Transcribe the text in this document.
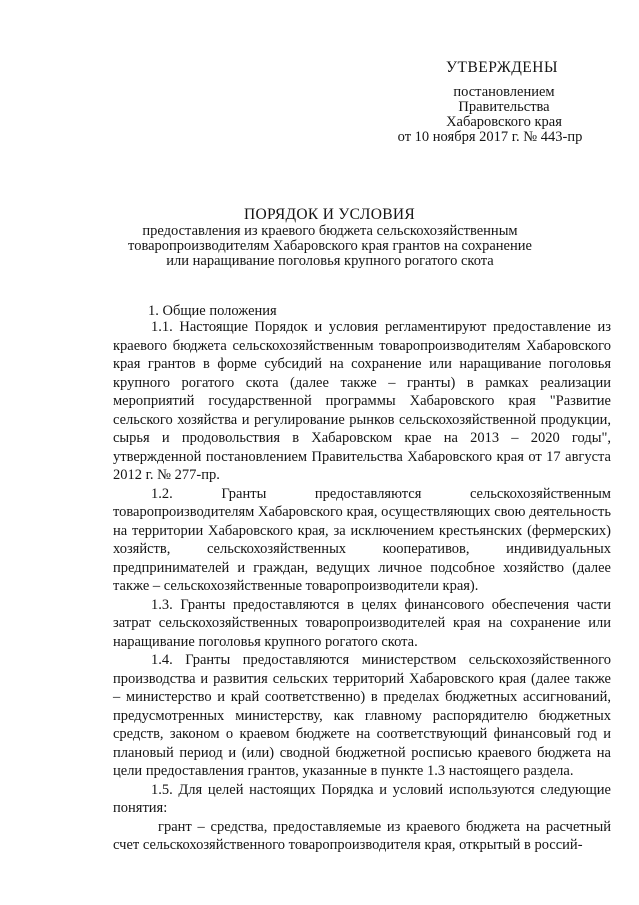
УТВЕРЖДЕНЫ
постановлением
Правительства
Хабаровского края
от 10 ноября 2017 г. № 443-пр
ПОРЯДОК И УСЛОВИЯ
предоставления из краевого бюджета сельскохозяйственным товаропроизводителям Хабаровского края грантов на сохранение или наращивание поголовья крупного рогатого скота
1. Общие положения

1.1. Настоящие Порядок и условия регламентируют предоставление из краевого бюджета сельскохозяйственным товаропроизводителям Хабаровского края грантов в форме субсидий на сохранение или наращивание поголовья крупного рогатого скота (далее также – гранты) в рамках реализации мероприятий государственной программы Хабаровского края "Развитие сельского хозяйства и регулирование рынков сельскохозяйственной продукции, сырья и продовольствия в Хабаровском крае на 2013 – 2020 годы", утвержденной постановлением Правительства Хабаровского края от 17 августа 2012 г. № 277-пр.

1.2. Гранты предоставляются сельскохозяйственным товаропроизводителям Хабаровского края, осуществляющих свою деятельность на территории Хабаровского края, за исключением крестьянских (фермерских) хозяйств, сельскохозяйственных кооперативов, индивидуальных предпринимателей и граждан, ведущих личное подсобное хозяйство (далее также – сельскохозяйственные товаропроизводители края).

1.3. Гранты предоставляются в целях финансового обеспечения части затрат сельскохозяйственных товаропроизводителей края на сохранение или наращивание поголовья крупного рогатого скота.

1.4. Гранты предоставляются министерством сельскохозяйственного производства и развития сельских территорий Хабаровского края (далее также – министерство и край соответственно) в пределах бюджетных ассигнований, предусмотренных министерству, как главному распорядителю бюджетных средств, законом о краевом бюджете на соответствующий финансовый год и плановый период и (или) сводной бюджетной росписью краевого бюджета на цели предоставления грантов, указанные в пункте 1.3 настоящего раздела.

1.5. Для целей настоящих Порядка и условий используются следующие понятия:

грант – средства, предоставляемые из краевого бюджета на расчетный счет сельскохозяйственного товаропроизводителя края, открытый в россий-
